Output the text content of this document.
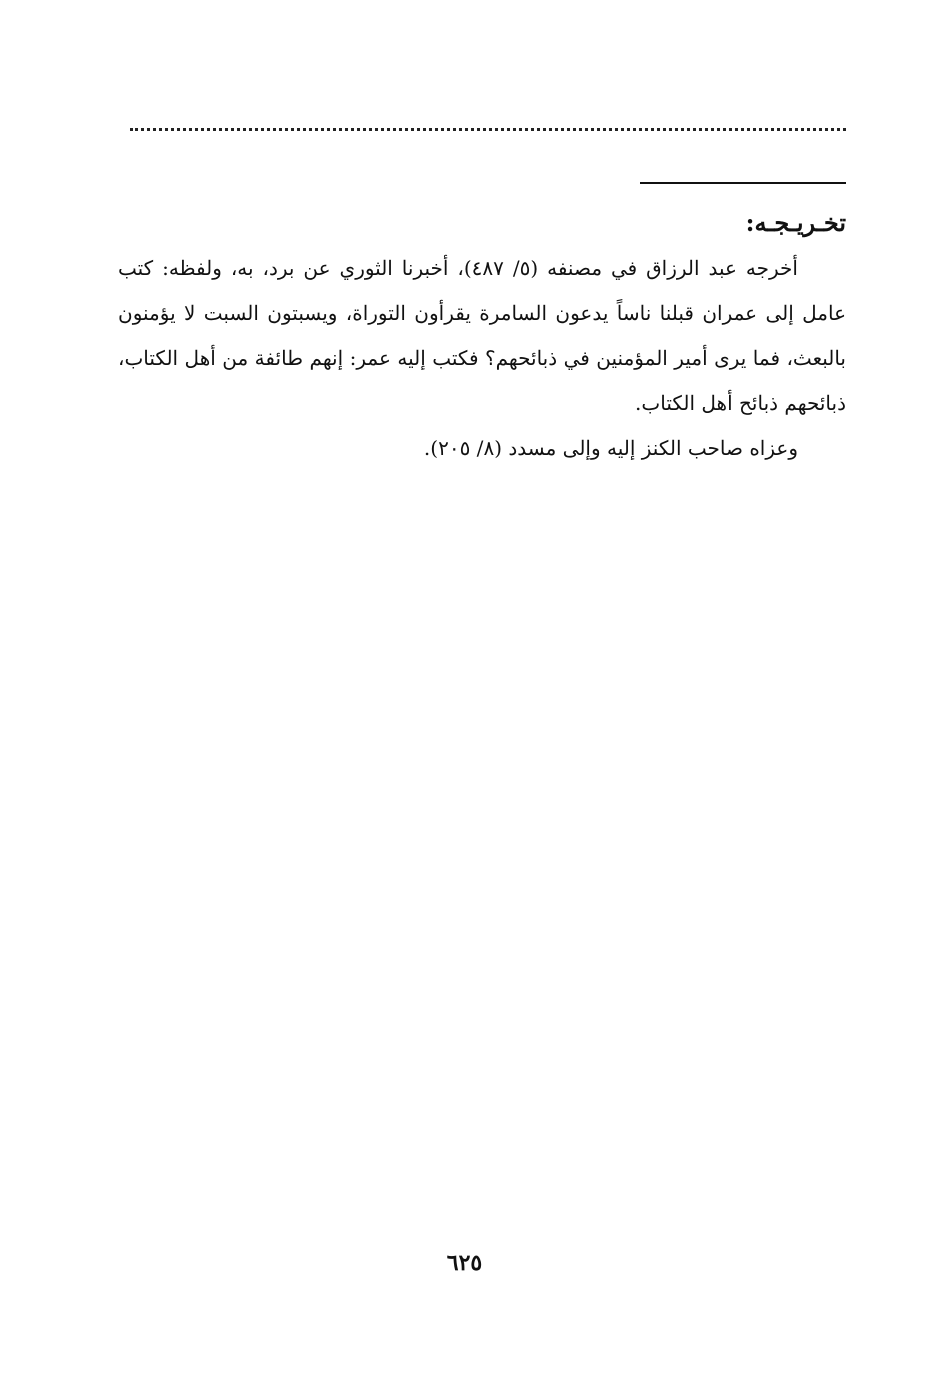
تخـريـجـه:

أخرجه عبد الرزاق في مصنفه (٥/ ٤٨٧)، أخبرنا الثوري عن برد، به، ولفظه: كتب عامل إلى عمران قبلنا ناساً يدعون السامرة يقرأون التوراة، ويسبتون السبت لا يؤمنون بالبعث، فما يرى أمير المؤمنين في ذبائحهم؟ فكتب إليه عمر: إنهم طائفة من أهل الكتاب، ذبائحهم ذبائح أهل الكتاب.

وعزاه صاحب الكنز إليه وإلى مسدد (٨/ ٢٠٥).

٦٢٥
